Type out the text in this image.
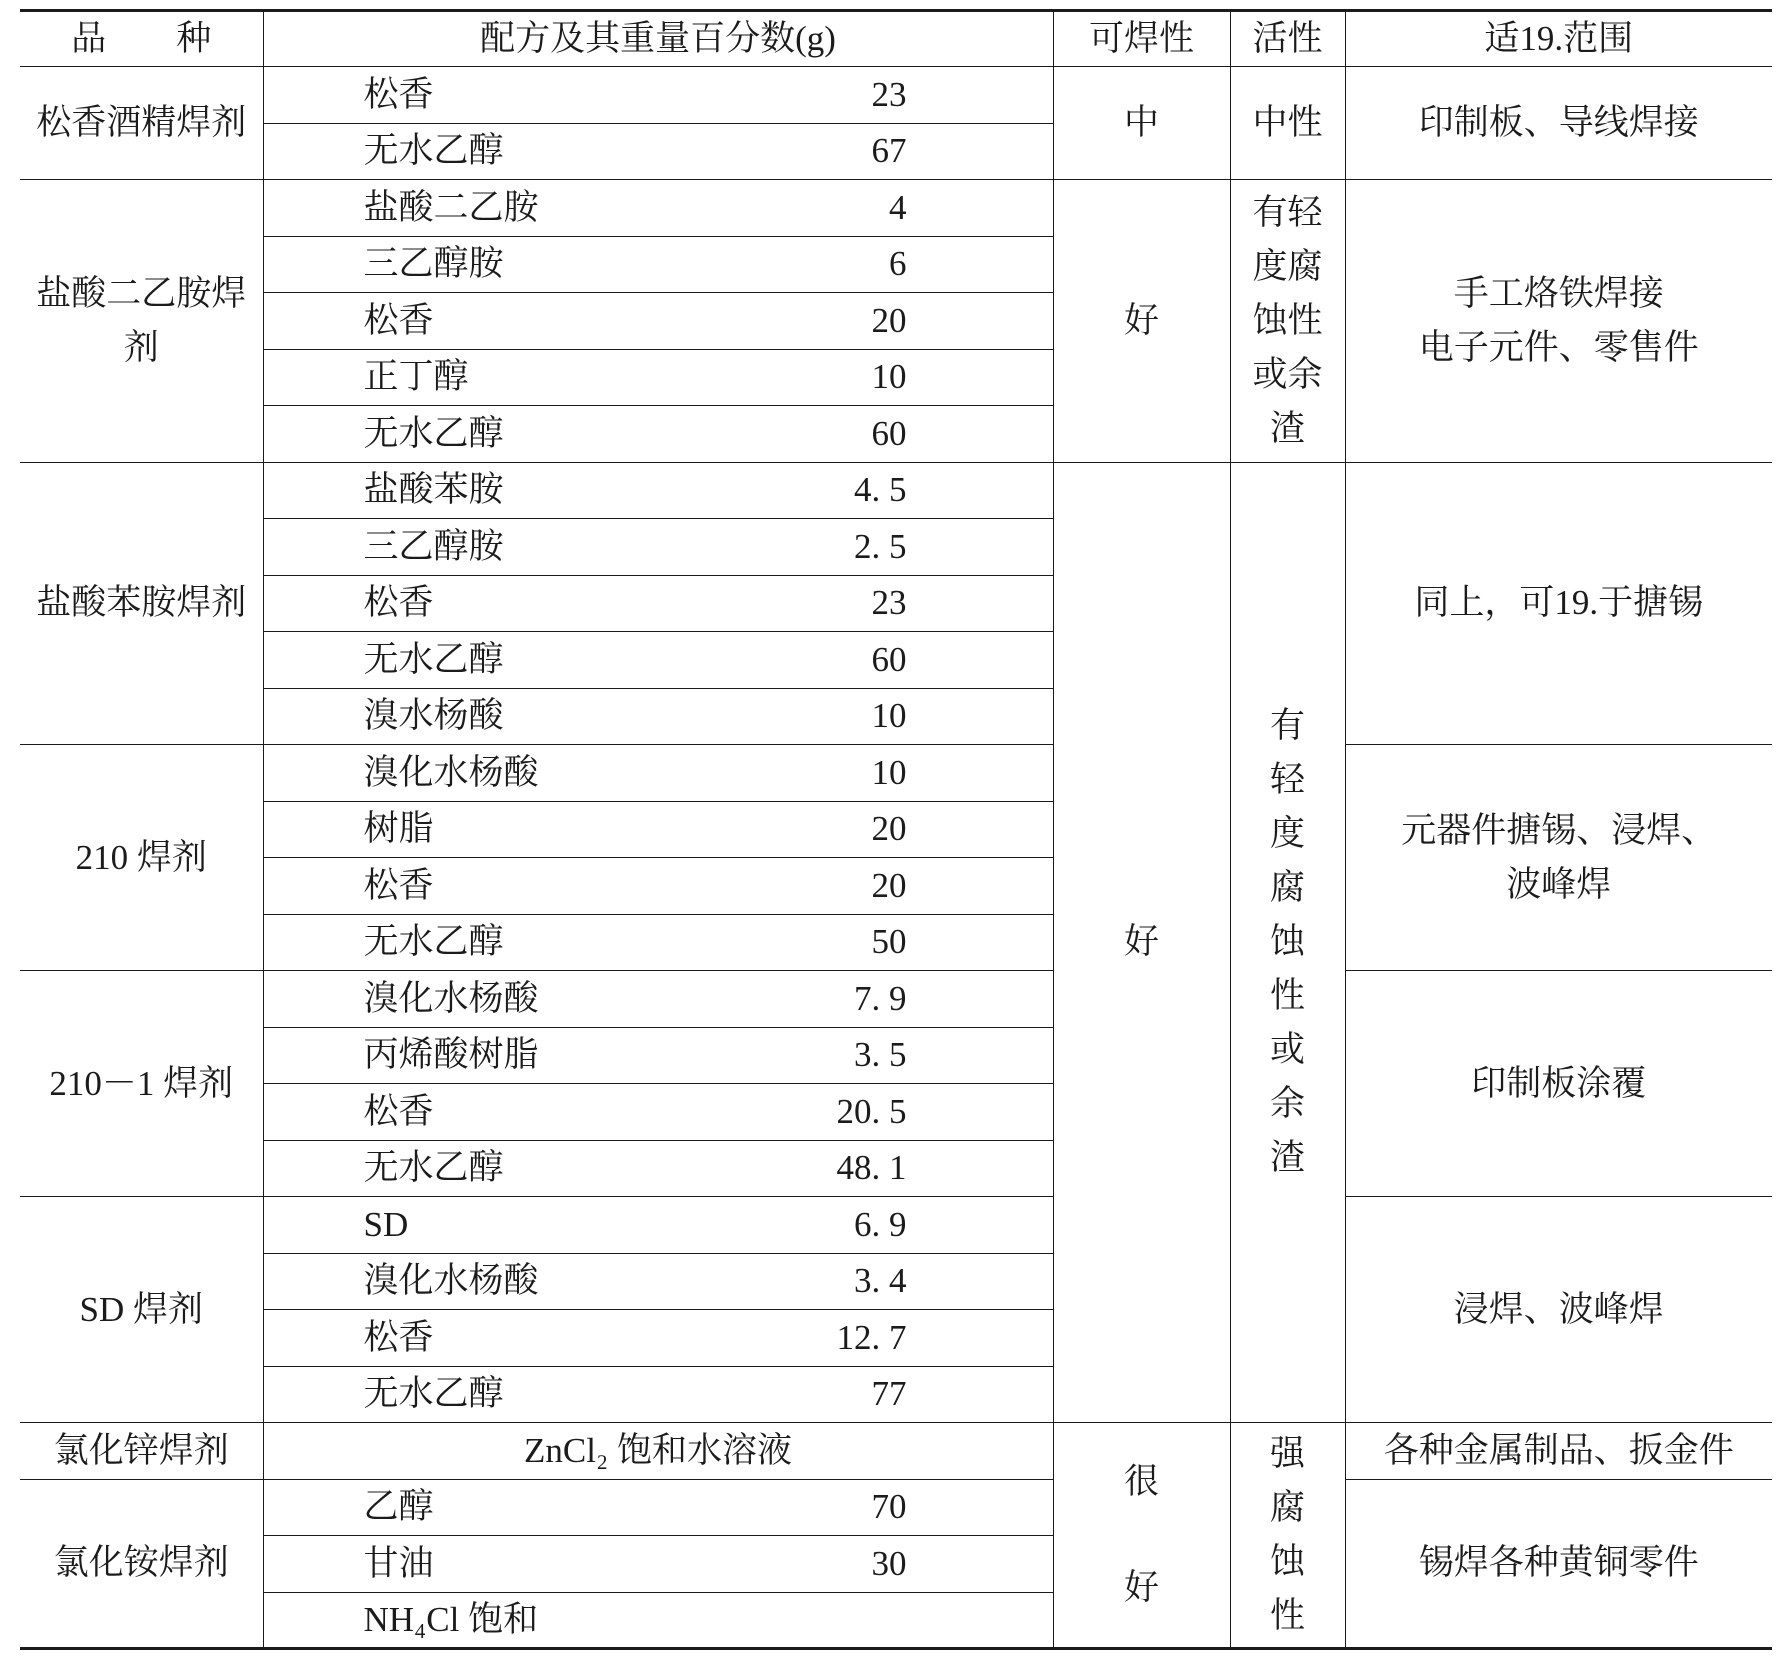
品　　种	配方及其重量百分数(g)	可焊性	活性	适19.范围
松香酒精焊剂	松香 23	中	中性	印制板、导线焊接

	无水乙醇 67			

盐酸二乙胺焊剂	盐酸二乙胺 4	好	有轻度腐蚀性或余渣	手工烙铁焊接
电子元件、零售件

	三乙醇胺 6			

	松香 20			

	正丁醇 10			

	无水乙醇 60			

盐酸苯胺焊剂	盐酸苯胺 4. 5	好	有轻度腐蚀性或余渣	同上，可19.于搪锡

	三乙醇胺 2. 5			

	松香 23			

	无水乙醇 60			

	溴水杨酸 10			

210 焊剂	溴化水杨酸 10			元器件搪锡、浸焊、
波峰焊

	树脂 20			

	松香 20			

	无水乙醇 50			

210－1 焊剂	溴化水杨酸 7. 9			印制板涂覆

	丙烯酸树脂 3. 5			

	松香 20. 5			

	无水乙醇 48. 1			

SD 焊剂	SD 6. 9			浸焊、波峰焊

	溴化水杨酸 3. 4			

	松香 12. 7			

	无水乙醇 77			

氯化锌焊剂	ZnCl₂ 饱和水溶液	很好	强腐蚀性	各种金属制品、扳金件

氯化铵焊剂	乙醇 70			锡焊各种黄铜零件

	甘油 30			

	NH₄Cl 饱和			
